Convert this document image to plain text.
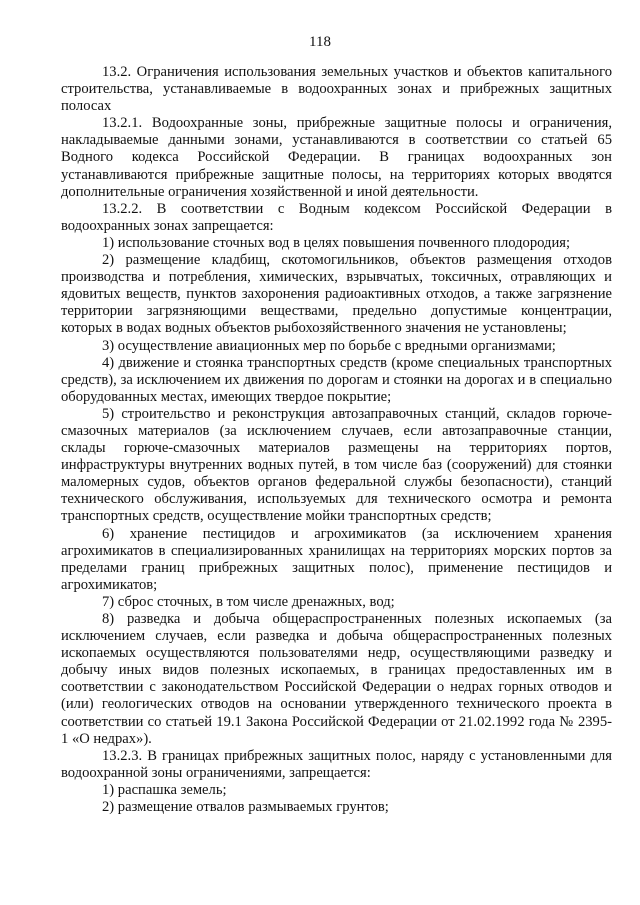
118

13.2. Ограничения использования земельных участков и объектов капитального строительства, устанавливаемые в водоохранных зонах и прибрежных защитных полосах

13.2.1. Водоохранные зоны, прибрежные защитные полосы и ограничения, накладываемые данными зонами, устанавливаются в соответствии со статьей 65 Водного кодекса Российской Федерации. В границах водоохранных зон устанавливаются прибрежные защитные полосы, на территориях которых вводятся дополнительные ограничения хозяйственной и иной деятельности.

13.2.2. В соответствии с Водным кодексом Российской Федерации в водоохранных зонах запрещается:

1) использование сточных вод в целях повышения почвенного плодородия;

2) размещение кладбищ, скотомогильников, объектов размещения отходов производства и потребления, химических, взрывчатых, токсичных, отравляющих и ядовитых веществ, пунктов захоронения радиоактивных отходов, а также загрязнение территории загрязняющими веществами, предельно допустимые концентрации, которых в водах водных объектов рыбохозяйственного значения не установлены;

3) осуществление авиационных мер по борьбе с вредными организмами;

4) движение и стоянка транспортных средств (кроме специальных транспортных средств), за исключением их движения по дорогам и стоянки на дорогах и в специально оборудованных местах, имеющих твердое покрытие;

5) строительство и реконструкция автозаправочных станций, складов горюче-смазочных материалов (за исключением случаев, если автозаправочные станции, склады горюче-смазочных материалов размещены на территориях портов, инфраструктуры внутренних водных путей, в том числе баз (сооружений) для стоянки маломерных судов, объектов органов федеральной службы безопасности), станций технического обслуживания, используемых для технического осмотра и ремонта транспортных средств, осуществление мойки транспортных средств;

6) хранение пестицидов и агрохимикатов (за исключением хранения агрохимикатов в специализированных хранилищах на территориях морских портов за пределами границ прибрежных защитных полос), применение пестицидов и агрохимикатов;

7) сброс сточных, в том числе дренажных, вод;

8) разведка и добыча общераспространенных полезных ископаемых (за исключением случаев, если разведка и добыча общераспространенных полезных ископаемых осуществляются пользователями недр, осуществляющими разведку и добычу иных видов полезных ископаемых, в границах предоставленных им в соответствии с законодательством Российской Федерации о недрах горных отводов и (или) геологических отводов на основании утвержденного технического проекта в соответствии со статьей 19.1 Закона Российской Федерации от 21.02.1992 года № 2395-1 «О недрах»).

13.2.3. В границах прибрежных защитных полос, наряду с установленными для водоохранной зоны ограничениями, запрещается:

1) распашка земель;

2) размещение отвалов размываемых грунтов;
